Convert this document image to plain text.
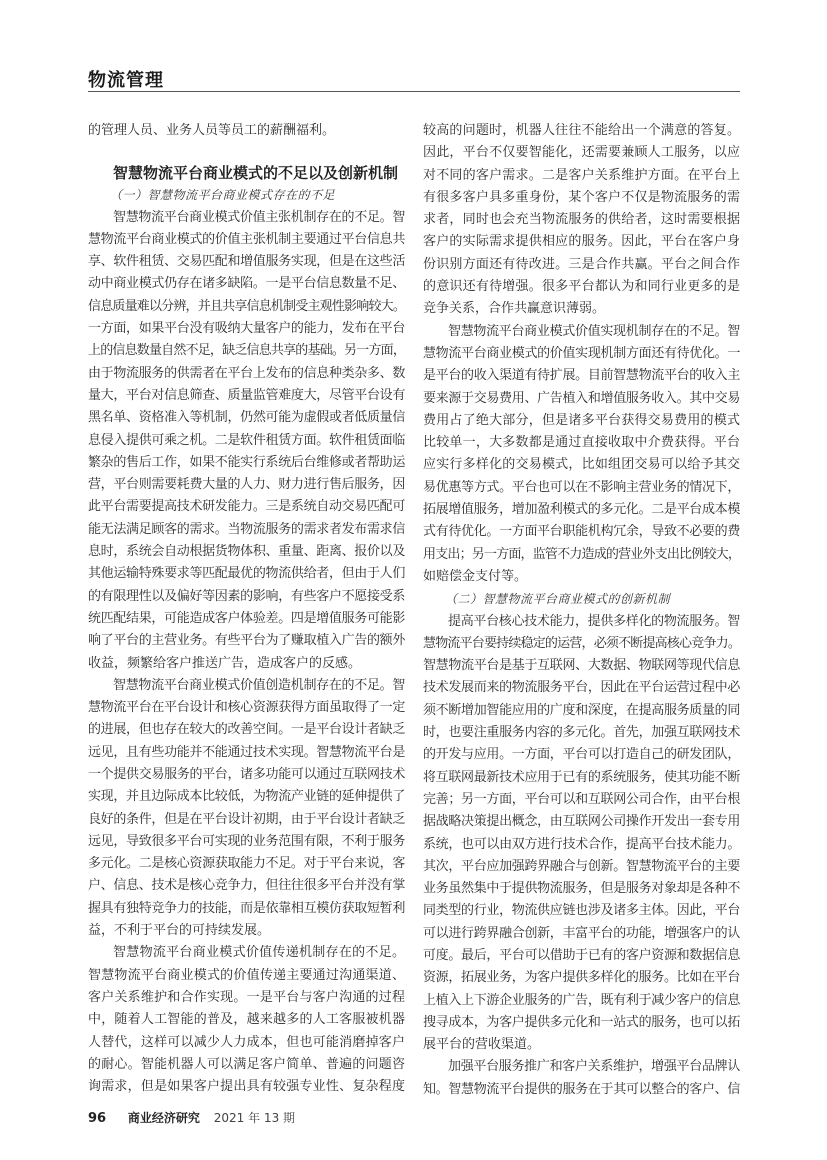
物流管理
的管理人员、业务人员等员工的薪酬福利。
智慧物流平台商业模式的不足以及创新机制
（一）智慧物流平台商业模式存在的不足
智慧物流平台商业模式价值主张机制存在的不足。智
慧物流平台商业模式的价值主张机制主要通过平台信息共
享、软件租赁、交易匹配和增值服务实现，但是在这些活
动中商业模式仍存在诸多缺陷。一是平台信息数量不足、
信息质量难以分辨，并且共享信息机制受主观性影响较大。
一方面，如果平台没有吸纳大量客户的能力，发布在平台
上的信息数量自然不足，缺乏信息共享的基础。另一方面，
由于物流服务的供需者在平台上发布的信息种类杂多、数
量大，平台对信息筛查、质量监管难度大，尽管平台设有
黑名单、资格准入等机制，仍然可能为虚假或者低质量信
息侵入提供可乘之机。二是软件租赁方面。软件租赁面临
繁杂的售后工作，如果不能实行系统后台维修或者帮助运
营，平台则需要耗费大量的人力、财力进行售后服务，因
此平台需要提高技术研发能力。三是系统自动交易匹配可
能无法满足顾客的需求。当物流服务的需求者发布需求信
息时，系统会自动根据货物体积、重量、距离、报价以及
其他运输特殊要求等匹配最优的物流供给者，但由于人们
的有限理性以及偏好等因素的影响，有些客户不愿接受系
统匹配结果，可能造成客户体验差。四是增值服务可能影
响了平台的主营业务。有些平台为了赚取植入广告的额外
收益，频繁给客户推送广告，造成客户的反感。
智慧物流平台商业模式价值创造机制存在的不足。智
慧物流平台在平台设计和核心资源获得方面虽取得了一定
的进展，但也存在较大的改善空间。一是平台设计者缺乏
远见，且有些功能并不能通过技术实现。智慧物流平台是
一个提供交易服务的平台，诸多功能可以通过互联网技术
实现，并且边际成本比较低，为物流产业链的延伸提供了
良好的条件，但是在平台设计初期，由于平台设计者缺乏
远见，导致很多平台可实现的业务范围有限，不利于服务
多元化。二是核心资源获取能力不足。对于平台来说，客
户、信息、技术是核心竞争力，但往往很多平台并没有掌
握具有独特竞争力的技能，而是依靠相互模仿获取短暂利
益，不利于平台的可持续发展。
智慧物流平台商业模式价值传递机制存在的不足。
智慧物流平台商业模式的价值传递主要通过沟通渠道、
客户关系维护和合作实现。一是平台与客户沟通的过程
中，随着人工智能的普及，越来越多的人工客服被机器
人替代，这样可以减少人力成本，但也可能消磨掉客户
的耐心。智能机器人可以满足客户简单、普遍的问题咨
询需求，但是如果客户提出具有较强专业性、复杂程度
较高的问题时，机器人往往不能给出一个满意的答复。
因此，平台不仅要智能化，还需要兼顾人工服务，以应
对不同的客户需求。二是客户关系维护方面。在平台上
有很多客户具多重身份，某个客户不仅是物流服务的需
求者，同时也会充当物流服务的供给者，这时需要根据
客户的实际需求提供相应的服务。因此，平台在客户身
份识别方面还有待改进。三是合作共赢。平台之间合作
的意识还有待增强。很多平台都认为和同行业更多的是
竞争关系，合作共赢意识薄弱。
智慧物流平台商业模式价值实现机制存在的不足。智
慧物流平台商业模式的价值实现机制方面还有待优化。一
是平台的收入渠道有待扩展。目前智慧物流平台的收入主
要来源于交易费用、广告植入和增值服务收入。其中交易
费用占了绝大部分，但是诸多平台获得交易费用的模式
比较单一，大多数都是通过直接收取中介费获得。平台
应实行多样化的交易模式，比如组团交易可以给予其交
易优惠等方式。平台也可以在不影响主营业务的情况下，
拓展增值服务，增加盈利模式的多元化。二是平台成本模
式有待优化。一方面平台职能机构冗余，导致不必要的费
用支出；另一方面，监管不力造成的营业外支出比例较大，
如赔偿金支付等。
（二）智慧物流平台商业模式的创新机制
提高平台核心技术能力，提供多样化的物流服务。智
慧物流平台要持续稳定的运营，必须不断提高核心竞争力。
智慧物流平台是基于互联网、大数据、物联网等现代信息
技术发展而来的物流服务平台，因此在平台运营过程中必
须不断增加智能应用的广度和深度，在提高服务质量的同
时，也要注重服务内容的多元化。首先，加强互联网技术
的开发与应用。一方面，平台可以打造自己的研发团队，
将互联网最新技术应用于已有的系统服务，使其功能不断
完善；另一方面，平台可以和互联网公司合作，由平台根
据战略决策提出概念，由互联网公司操作开发出一套专用
系统，也可以由双方进行技术合作，提高平台技术能力。
其次，平台应加强跨界融合与创新。智慧物流平台的主要
业务虽然集中于提供物流服务，但是服务对象却是各种不
同类型的行业，物流供应链也涉及诸多主体。因此，平台
可以进行跨界融合创新，丰富平台的功能，增强客户的认
可度。最后，平台可以借助于已有的客户资源和数据信息
资源，拓展业务，为客户提供多样化的服务。比如在平台
上植入上下游企业服务的广告，既有利于减少客户的信息
搜寻成本，为客户提供多元化和一站式的服务，也可以拓
展平台的营收渠道。
加强平台服务推广和客户关系维护，增强平台品牌认
知。智慧物流平台提供的服务在于其可以整合的客户、信
96 商业经济研究 2021 年 13 期
